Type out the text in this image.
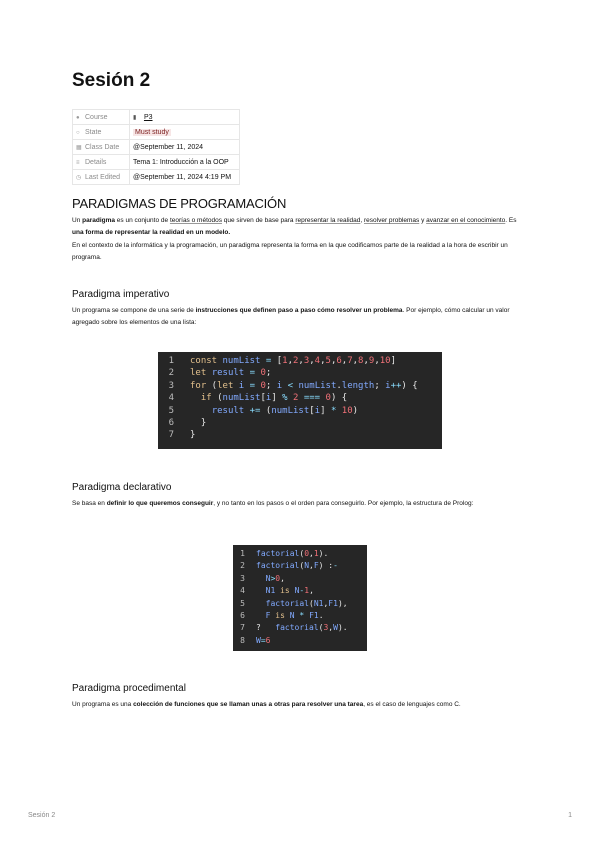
Sesión 2
● Course	▮ P3
○ State	Must study
▦ Class Date	@September 11, 2024
≡ Details	Tema 1: Introducción a la OOP
◷ Last Edited	@September 11, 2024 4:19 PM
PARADIGMAS DE PROGRAMACIÓN

Un paradigma es un conjunto de teorías o métodos que sirven de base para representar la realidad, resolver problemas y avanzar en el conocimiento. Es una forma de representar la realidad en un modelo.

En el contexto de la informática y la programación, un paradigma representa la forma en la que codificamos parte de la realidad a la hora de escribir un programa.

Paradigma imperativo

Un programa se compone de una serie de instrucciones que definen paso a paso cómo resolver un problema. Por ejemplo, cómo calcular un valor agregado sobre los elementos de una lista:

1 const numList = [1,2,3,4,5,6,7,8,9,10]
2 let result = 0;
3 for (let i = 0; i < numList.length; i++) {
4	if (numList[i] % 2 === 0) {
5	result += (numList[i] * 10)
6  }
7 }
Paradigma declarativo

Se basa en definir lo que queremos conseguir, y no tanto en los pasos o el orden para conseguirlo. Por ejemplo, la estructura de Prolog:

1 factorial(0,1).
2 factorial(N,F) :-
3	N>0,
4	N1 is N-1,
5	factorial(N1,F1),
6	F is N * F1.
7 ?   factorial(3,W).
8 W=6
Paradigma procedimental

Un programa es una colección de funciones que se llaman unas a otras para resolver una tarea, es el caso de lenguajes como C.

Sesión 2	1
